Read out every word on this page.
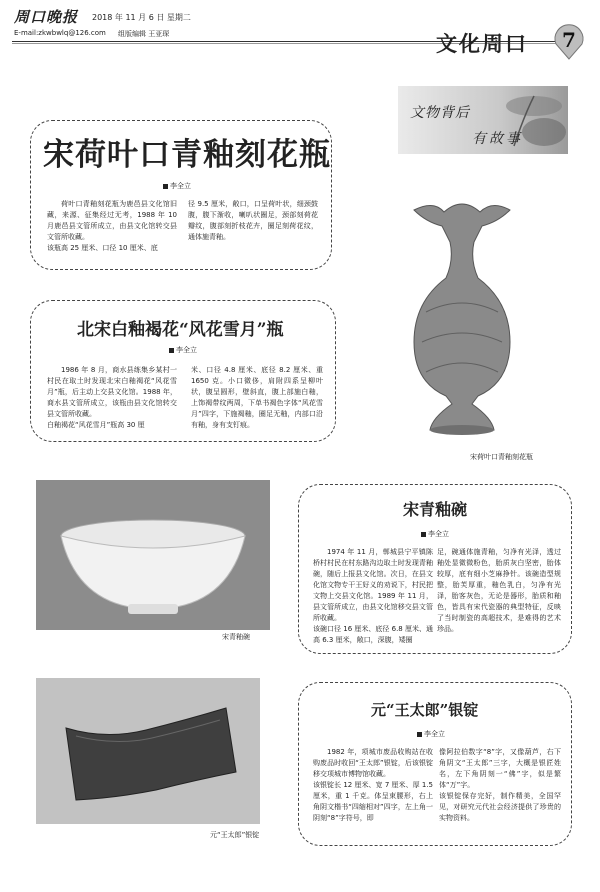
周口晚报 2018 年 11 月 6 日 星期二
E-mail:zkwbwlq@126.com 组版编辑 王亚琛	文化周口	7
文物背后
有故事
宋荷叶口青釉刻花瓶
李全立
荷叶口青釉刻花瓶为鹿邑县文化馆旧藏，来源、征集经过无考，1988 年 10 月鹿邑县文管所成立，由县文化馆转交县文管所收藏。
该瓶高 25 厘米、口径 10 厘米、底
径 9.5 厘米，敞口，口呈荷叶状，细颈鼓腹，腹下渐收，喇叭状圈足，颈部刻荷花瓣纹，腹部刻折枝花卉，圈足刻荷花纹，通体施青釉。
北宋白釉褐花“风花雪月”瓶
李全立
1986 年 8 月，商水县练集乡某村一村民在取土时发现北宋白釉褐花“风花雪月”瓶，后主动上交县文化馆。1988 年，商水县文管所成立，该瓶由县文化馆转交县文管所收藏。
白釉褐花“风花雪月”瓶高 30 厘
米、口径 4.8 厘米、底径 8.2 厘米、重 1650 克。小口微侈，肩附四系呈柳叶状，腹呈圆形，壁斜直，腹上部施白釉，上饰褐带纹两周，下单书褐色字体“风花雪月”四字，下施褐釉，圈足无釉，内部口沿有釉，身有支钉痕。
宋荷叶口青釉刻花瓶
宋青釉碗
宋青釉碗
李全立
1974 年 11 月，郸城县宁平镇陈桥村村民在村东路沟边取土时发现青釉碗，随后上报县文化馆。次日，在县文化馆文物专干王好义的劝说下，村民把文物上交县文化馆。1989 年 11 月，县文管所成立，由县文化馆移交县文管所收藏。
该碗口径 16 厘米、底径 6.8 厘米、通高 6.3 厘米，敞口，深腹，矮圈
足，碗通体施青釉，匀净有光泽，透过釉处显微微粉色，胎质灰白坚密，胎体较厚，底有细小芝麻挣针。该碗造型规整，胎芙厚重，釉色乳白，匀净有光泽，胎客灰色，无论是器形，胎质和釉色，皆具有宋代瓷器的典型特征，反映了当时制瓷的高超技术，是难得的艺术珍品。
元“王太郎”银锭
元“王太郎”银锭
李全立
1982 年，项城市废品收购站在收购废品时收回“王太郎”银锭，后该银锭移交项城市博物馆收藏。
该银锭长 12 厘米、宽 7 厘米、厚 1.5 厘米，重 1 千克。体呈束腰形，右上角阴文楷书“四缩相对”四字，左上角一阴刻“8”字符号，即
像阿拉伯数字“8”字，又像葫芦，右下角阴文“王太郎”三字，大概是银匠姓名，左下角阴刻一“佛”字，似是繁体“万”字。
该银锭保存完好，制作精美，全国罕见，对研究元代社会经济提供了珍贵的实物资料。
